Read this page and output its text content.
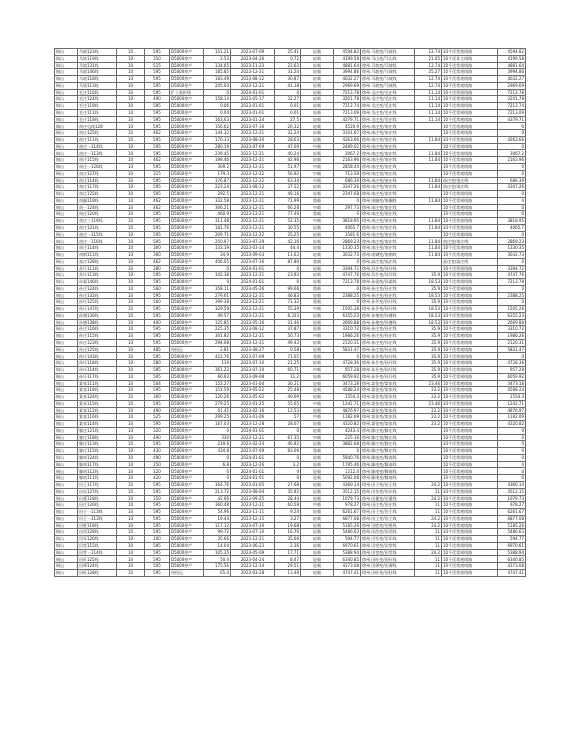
铜山	马坡123线	10	595	D5000停产	151.21	2023-07-09	25.41	轻载	4594.82	徐州.马坡变/马坡线	12.74	10千伏常规线路	4594.82
铜山	马坡119线	10	350	D5000停产	2.53	2023-04-26	0.72	轻载	4199.58	徐州.马山变/马山线	21.05	10千伏非主线路	4199.58
铜山	马坡131线	10	515	D5000停产	134.65	2023-11-23	22.63	轻载	4881.64	徐州.马坡变/马坡线	12.74	10千伏常规线路	4881.64
铜山	马坡146线	10	595	D5000停产	185.85	2023-12-21	31.24	轻载	3994.86	徐州.马坡变/马坡线	25.27	10千伏常规线路	3994.86
铜山	马坡118线	10	595	D5000停产	183.49	2023-08-12	30.87	轻载	4032.27	徐州.马坡变/马坡线	12.74	10千伏常规线路	4032.27
铜山	马坡113线	10	595	D5000停产	245.04	2023-12-21	41.18	轻载	2969.69	徐州.马坡变/马坡线	12.74	10千伏常规线路	2969.69
铜山	毛庄116线	10	595	扩工准折线	0	2024-01-01	0	轻载	7213.78	徐州.毛庄变/毛庄线	11.14	10千伏常规线路	7213.78
铜山	毛庄124线	10	490	D5000停产	158.14	2023-05-17	32.27	轻载	3201.78	徐州.毛庄变/毛庄线	11.14	10千伏常规线路	3201.78
铜山	毛庄119线	10	595	D5000停产	0.06	2023-01-01	0.01	轻载	7212.74	徐州.毛庄变/毛庄线	11.14	10千伏常规线路	7212.74
铜山	毛庄111线	10	595	D5000停产	0.04	2023-01-01	0.01	轻载	7213.09	徐州.毛庄变/毛庄线	11.14	10千伏常规线路	7213.09
铜山	毛庄118线	10	595	D5000停产	163.63	2023-01-24	27.5	轻载	4379.71	徐州.毛庄变/毛庄线	11.14	10千伏常规线路	4379.71
铜山	南庄屯线128	10	595	D5000停产	156.62	2023-07-10	26.32	轻载	4520.9	徐州.南庄变/南庄线		10千伏常规线路	0
铜山	南庄125线	10	462	D5000停产	144.32	2023-12-21	31.24	轻载	3101.67	徐州.南庄变/南庄线		10千伏常规线路	0
铜山	南庄111线	10	595	D5000停产	170.33	2023-08-20	28.63	轻载	4263.66	徐州.南庄变/南庄线	11.84	10千伏常规线路	4263.66
铜山	南庄一114线	10	595	D5000停产	280.19	2023-07-09	47.09	中载	2489.02	徐州.南庄变/南庄线		10千伏常规线路	0
铜山	南庄一113线	10	595	D5000停产	239.45	2023-12-21	40.24	轻载	3067.2	徐州.南庄变/南庄线	11.84	10千伏常规线路	3067.2
铜山	南庄115线	10	462	D5000停产	198.46	2023-12-21	42.96	轻载	2163.96	徐州.南庄变/南庄线	11.84	10千伏常规线路	2163.96
铜山	南庄一126线	10	595	D5000停产	309.2	2023-12-21	51.97	中载	2858.44	徐州.南庄变/南庄线		10千伏常规线路	0
铜山	南庄127线	10	315	D5000停产	179.3	2023-12-22	56.92	中载	713.58	徐州.南庄变/南庄线		10千伏常规线路	0
铜山	南庄114线	10	595	D5000停产	376.87	2023-12-22	63.34	中载	686.39	徐州.南庄变/南庄线	11.84	南庄变/南庄线	686.39
铜山	南庄117线	10	595	D5000停产	223.24	2023-08-12	37.52	轻载	3347.26	徐州.南庄变/南庄线	11.84	南庄变/南庄线	3347.26
铜山	南庄125线	10	595	D5000停产	292.5	2023-12-21	49.16	轻载	2347.68	徐州.南庄变/南庄线		10千伏常规线路	0
铜山	南圈119线	10	462	D5000停产	332.58	2023-12-21	71.99	重载	0	徐州.南圈变/南圈线	11.84	10千伏常规线路	0
铜山	南一124线	10	462	D5000停产	306.21	2023-12-21	66.28	中载	297.73	徐州.南庄变/南庄线		10千伏常规线路	0
铜山	南庄120线	10	595	D5000停产	460.9	2023-12-21	77.46	重载	0	徐州.南庄变/南庄线		10千伏常规线路	0
铜山	南庄三116线	10	595	D5000停产	311.48	2023-12-21	52.35	中载	3818.95	徐州.南庄变/南庄线	11.84	10千伏常规线路	3818.95
铜山	南庄121线	10	595	D5000停产	181.76	2023-12-21	30.55	轻载	4065.7	徐州.南庄变/南庄线	11.84	10千伏常规线路	4065.7
铜山	南庄一115线	10	595	D5000停产	209.71	2023-12-22	35.25	轻载	3581.6	徐州.南庄变/南庄线		10千伏常规线路	0
铜山	南庄一116线	10	595	D5000停产	250.97	2023-07-29	42.16	轻载	2869.23	徐州.南庄变/南庄线	11.84	南庄变/南庄线	2869.23
铜山	南庄114线	10	300	D5000停产	133.19	2023-03-14	44.4	轻载	1330.35	徐州.南庄变/南庄线	11.84	10千伏常规线路	1330.35
铜山	南钢111线	10	300	D5000停产	34.9	2023-09-03	11.63	轻载	3032.73	徐州.南钢变/南钢线	11.84	10千伏常规线路	3032.73
铜山	高庄128线	10	462	D5000停产	406.05	2023-07-16	87.89	重载	0	徐州.高庄变/高庄线		高庄变/高庄线	0
铜山	苏圩111线	10	280	D5000停产	0	2024-01-01	0	轻载	3394.72	徐州.苏圩变/苏圩线		10千伏常规线路	3394.72
铜山	苏圩113线	10	595	D5000停产	142.38	2023-12-21	23.93	轻载	4747.76	徐州.苏圩变/苏圩线	35.9	10千伏常规线路	4747.76
铜山	孙渠146线	10	595	D5000停产	0	2024-01-01	0	轻载	7213.78	徐州.孙渠变/孙渠线	18.53	10千伏常规线路	7213.78
铜山	孙庄124线	10	560	D5000停产	358.11	2023-05-26	99.66	重载	0	徐州.孙庄变/孙庄线	35.9	10千伏常规线路	0
铜山	孙庄132线	10	595	D5000停产	279.61	2023-12-21	46.83	轻载	2388.25	徐州.孙庄变/孙庄线	18.53	10千伏常规线路	2388.25
铜山	孙圩125线	10	560	D5000停产	399.38	2023-12-21	71.32	重载	0	徐州.孙圩变/孙圩线	35.9	10千伏常规线路	0
铜山	孙圩147线	10	595	D5000停产	329.59	2023-12-21	55.39	中载	1505.28	徐州.孙圩变/孙圩线	18.53	10千伏常规线路	1505.28
铜山	孙塘136线	10	595	D5000停产	49.57	2023-12-21	8.333	轻载	6355.23	徐州.孙塘变/孙塘线	18.53	10千伏常规线路	6355.23
铜山	孙塘138线	10	400	D5000停产	125.85	2023-05-16	31.46	轻载	2669.88	徐州.孙塘变/孙塘线	18.53	10千伏常规线路	2669.88
铜山	孙庄116线	10	595	D5000停产	225.35	2023-08-12	37.87	轻载	3310.72	徐州.孙庄变/孙庄线	35.9	10千伏常规线路	3310.72
铜山	孙庄115线	10	595	D5000停产	301.82	2023-12-21	50.73	中载	1986.26	徐州.孙庄变/孙庄线	35.9	10千伏常规线路	1986.26
铜山	孙庄123线	10	595	D5000停产	294.08	2023-12-21	49.43	轻载	2120.31	徐州.孙庄变/孙庄线	35.9	10千伏常规线路	2120.31
铜山	孙庄125线	10	485	待投运	2.81	2023-08-27	0.58	轻载	5831.47	徐州.孙庄变/孙庄线	35.9	10千伏常规线路	5831.47
铜山	孙圩143线	10	595	D5000停产	422.76	2023-07-09	71.05	重载	0	徐州.孙圩变/孙圩线	35.9	10千伏常规线路	0
铜山	孙圩118线	10	580	D5000停产	119	2023-07-10	21.25	轻载	4728.36	徐州.孙圩变/孙圩线	35.9	10千伏常规线路	4728.36
铜山	孙圩114线	10	595	D5000停产	361.23	2023-07-10	60.71	中载	957.28	徐州.孙圩变/孙圩线	35.9	10千伏常规线路	957.28
铜山	孙圩117线	10	595	D5000停产	66.62	2023-09-08	11.2	轻载	6059.92	徐州.孙圩变/孙圩线	35.9	10千伏常规线路	6059.92
铜山	棠张111线	10	504	D5000停产	152.27	2023-01-04	30.21	轻载	3473.18	徐州.棠张变/棠张线	23.46	10千伏常规线路	3473.18
铜山	棠张118线	10	595	D5000停产	151.59	2023-05-22	25.48	轻载	4588.24	徐州.棠张变/棠张线	23.2	10千伏常规线路	4588.24
铜山	棠张124线	10	300	D5000停产	120.26	2023-05-02	40.09	轻载	1554.3	徐州.棠张变/棠张线	23.2	10千伏常规线路	1554.3
铜山	棠张115线	10	595	D5000停产	279.25	2023-01-25	55.65	中载	1242.71	徐州.棠张变/棠张线	23.46	10千伏常规线路	1242.71
铜山	棠张112线	10	490	D5000停产	61.42	2023-02-16	12.53	轻载	4876.97	徐州.棠张变/棠张线	23.2	10千伏常规线路	4876.97
铜山	棠张116线	10	525	D5000停产	299.25	2023-01-06	57	中载	1182.09	徐州.棠张变/棠张线	23.2	10千伏常规线路	1182.09
铜山	棠张114线	10	595	D5000停产	167.03	2023-12-28	28.07	轻载	4320.82	徐州.棠张变/棠张线	23.2	10千伏常规线路	4320.82
铜山	滕庄121线	10	320	D5000停产	0	2024-01-01	0	轻载	4243.4	徐州.滕庄变/滕庄线		10千伏常规线路	0
铜山	滕庄118线	10	490	D5000停产	330	2023-12-21	67.35	中载	225.16	徐州.滕庄变/滕庄线		10千伏常规线路	0
铜山	滕庄113线	10	595	D5000停产	219.6	2023-02-24	46.82	轻载	3882.68	徐州.滕庄变/滕庄线		10千伏常规线路	0
铜山	滕庄115线	10	430	D5000停产	434.8	2023-07-09	83.06	重载	0	徐州.滕庄变/滕庄线		10千伏常规线路	0
铜山	滕南124线	10	490	D5000停产	0	2024-01-01	0	轻载	5940.76	徐州.滕南变/滕南线		10千伏常规线路	0
铜山	滕南117线	10	150	D5000停产	6.8	2023-12-26	3.2	轻载	1795.46	徐州.滕南变/滕南线		10千伏常规线路	0
铜山	滕南112线	10	120	D5000停产	0	2024-01-01	0	轻载	1212.4	徐州.滕南变/滕南线		10千伏常规线路	0
铜山	滕南111线	10	420	D5000停产	0	2024-01-01	0	轻载	5092.08	徐州.滕南变/滕南线		10千伏常规线路	0
铜山	田王117线	10	595	D5000停产	164.76	2023-01-05	27.68	轻载	4360.14	徐州.田王变/田王线	24.2	10千伏常规线路	4360.14
铜山	田东127线	10	595	D5000停产	213.72	2023-08-04	35.92	轻载	3512.15	徐州.田东变/田东线	11	10千伏常规线路	3512.15
铜山	田董118线	10	150	D5000停产	42.66	2023-09-25	28.44	轻载	1079.73	徐州.田董变/田董线	24.2	10千伏常规线路	1079.73
铜山	田庄126线	10	595	D5000停产	360.48	2023-12-21	60.58	中载	978.27	徐州.田庄变/田庄线	11	10千伏常规线路	978.27
铜山	田王一113线	10	595	D5000停产	54.96	2023-11-11	9.24	轻载	6261.67	徐州.田王变/田王线	11	10千伏常规线路	6261.67
铜山	田王一113线	10	595	D5000停产	19.44	2023-12-15	3.27	轻载	6877.08	徐州.田王变/田王线	24.2	10千伏常规线路	6877.08
铜山	田胜118线	10	595	D5000停产	117.12	2023-07-10	19.68	轻载	5185.26	徐州.田胜变/田胜线	24.2	10千伏常规线路	5185.26
铜山	田西128线	10	595	D5000停产	99.72	2023-07-10	16.76	轻载	5486.63	徐州.田西变/田西线	11	10千伏常规线路	5486.63
铜山	田军126线	10	100	D5000停产	35.66	2023-12-21	35.66	轻载	594.77	徐州.田军变/田军线	11	10千伏常规线路	594.77
铜山	田堂115线	10	595	D5000停产	14.04	2023-06-23	2.36	轻载	6970.61	徐州.田堂变/田堂线	11	10千伏常规线路	6970.61
铜山	田堂一114线	10	595	D5000停产	105.35	2023-05-09	17.71	轻载	5388.94	徐州.田堂变/田堂线	24.2	10千伏常规线路	5388.94
铜山	田旺125线	10	595	D5000停产	50.4	2023-04-24	8.47	轻载	6340.85	徐州.田旺变/田旺线	11	10千伏常规线路	6340.85
铜山	田谭124线	10	595	D5000停产	175.56	2023-12-14	29.51	轻载	4173.08	徐州.田谭变/田谭线	11	10千伏常规线路	4173.08
铜山	田旺128线	10	595	待投运	65.4	2023-03-28	13.48	轻载	4747.41	徐州.田旺变/田旺线	11	10千伏常规线路	4747.41
